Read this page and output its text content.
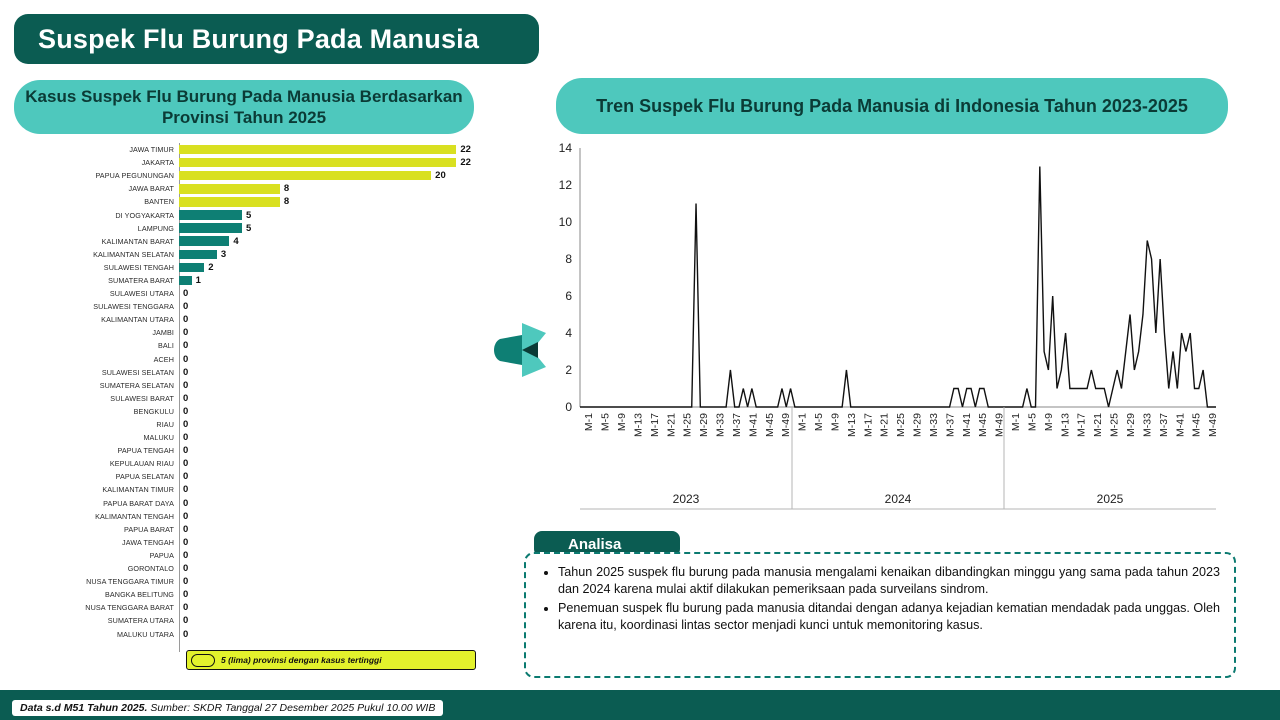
Suspek Flu Burung Pada Manusia
Kasus Suspek Flu Burung Pada Manusia Berdasarkan Provinsi Tahun 2025
Tren Suspek Flu Burung Pada Manusia di Indonesia Tahun 2023-2025
JAWA TIMUR	22
JAKARTA	22
PAPUA PEGUNUNGAN	20
JAWA BARAT	8
BANTEN	8
DI YOGYAKARTA	5
LAMPUNG	5
KALIMANTAN BARAT	4
KALIMANTAN SELATAN	3
SULAWESI TENGAH	2
SUMATERA BARAT	1
SULAWESI UTARA 0
SULAWESI TENGGARA 0
KALIMANTAN UTARA 0
JAMBI 0
BALI 0
ACEH 0
SULAWESI SELATAN 0
SUMATERA SELATAN 0
SULAWESI BARAT 0
BENGKULU 0
RIAU 0
MALUKU 0
PAPUA TENGAH 0
KEPULAUAN RIAU 0
PAPUA SELATAN 0
KALIMANTAN TIMUR 0
PAPUA BARAT DAYA 0
KALIMANTAN TENGAH 0
PAPUA BARAT 0
JAWA TENGAH 0
PAPUA 0
GORONTALO 0
NUSA TENGGARA TIMUR 0
BANGKA BELITUNG 0
NUSA TENGGARA BARAT 0
SUMATERA UTARA 0
MALUKU UTARA 0
5 (lima) provinsi dengan kasus tertinggi
0
2
4
6
8
10
12
14
M-1 M-5 M-9 M-13 M-17 M-21 M-25 M-29 M-33 M-37 M-41 M-45 M-49 M-1 M-5 M-9 M-13 M-17 M-21 M-25 M-29 M-33 M-37 M-41 M-45 M-49 M-1 M-5 M-9 M-13 M-17 M-21 M-25 M-29 M-33 M-37 M-41 M-45 M-49
2023	2024	2025
Analisa
• Tahun 2025 suspek flu burung pada manusia mengalami kenaikan dibandingkan minggu yang sama pada tahun 2023 dan 2024 karena mulai aktif dilakukan pemeriksaan pada surveilans sindrom.
• Penemuan suspek flu burung pada manusia ditandai dengan adanya kejadian kematian mendadak pada unggas. Oleh karena itu, koordinasi lintas sector menjadi kunci untuk memonitoring kasus.
Data s.d M51 Tahun 2025. Sumber: SKDR Tanggal 27 Desember 2025 Pukul 10.00 WIB
